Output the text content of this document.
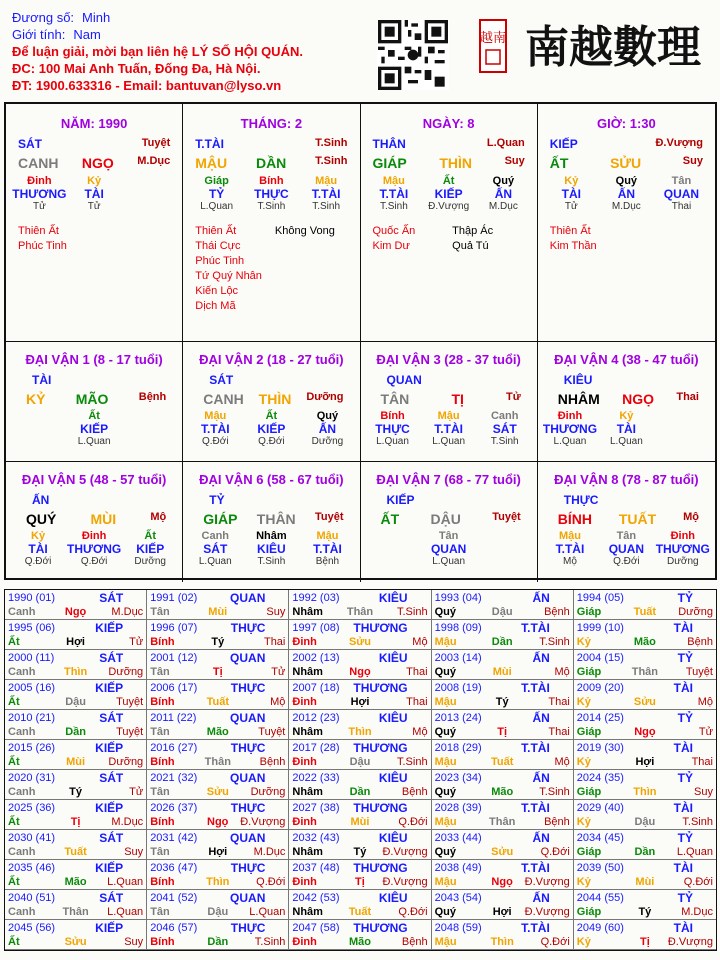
Đương số: Minh
Giới tính: Nam
Để luận giải, mời bạn liên hệ LÝ SỐ HỘI QUÁN.
ĐC: 100 Mai Anh Tuấn, Đống Đa, Hà Nội.
ĐT: 1900.633316 - Email: bantuvan@lyso.vn
越南 南越數理
NĂM: 1990
SÁT	Tuyệt
CANH NGỌ M.Dục
Đinh
THƯƠNG
Tử
Kỷ
TÀI
Tử
Thiên Ất
Phúc Tinh
THÁNG: 2
T.TÀI	T.Sinh
MẬU DẦN	T.Sinh
Giáp
TỶ
L.Quan
Bính
THỰC
T.Sinh
Mậu
T.TÀI
T.Sinh
Thiên Ất
Thái Cực
Phúc Tinh
Tứ Quý Nhân
Kiến Lộc
Dịch Mã
Không Vong
NGÀY: 8
THÂN	L.Quan
GIÁP THÌN	Suy
Mậu
T.TÀI
T.Sinh
Ất
KIẾP
Đ.Vượng
Quý
ẤN
M.Dục
Quốc Ấn
Kim Dư
Thập Ác
Quả Tú
GIỜ: 1:30
KIẾP	Đ.Vượng
ẤT	SỬU	Suy
Kỷ
TÀI
Tử
Quý
ẤN
M.Dục
Tân
QUAN
Thai
Thiên Ất
Kim Thần
ĐẠI VẬN 1 (8 - 17 tuổi)
TÀI
KỶ MÃO	Bệnh
Ất
KIẾP
L.Quan
ĐẠI VẬN 2 (18 - 27 tuổi)
SÁT
CANH THÌN Dưỡng
Mậu
T.TÀI
Q.Đới
Ất
KIẾP
Q.Đới
Quý
ẤN
Dưỡng
ĐẠI VẬN 3 (28 - 37 tuổi)
QUAN
TÂN	TỊ	Tử
Bính
THỰC
L.Quan
Mậu
T.TÀI
L.Quan
Canh
SÁT
T.Sinh
ĐẠI VẬN 4 (38 - 47 tuổi)
KIÊU
NHÂM NGỌ Thai
Đinh
THƯƠNG
L.Quan
Kỷ
TÀI
L.Quan
ĐẠI VẬN 5 (48 - 57 tuổi)
ẤN
QUÝ MÙI	Mộ
Kỷ
TÀI
Q.Đới
Đinh
THƯƠNG
Q.Đới
Ất
KIẾP
Dưỡng
ĐẠI VẬN 6 (58 - 67 tuổi)
TỶ
GIÁP THÂN Tuyệt
Canh
SÁT
L.Quan
Nhâm
KIÊU
T.Sinh
Mậu
T.TÀI
Bệnh
ĐẠI VẬN 7 (68 - 77 tuổi)
KIẾP
ẤT DẬU	Tuyệt
Tân
QUAN
L.Quan
ĐẠI VẬN 8 (78 - 87 tuổi)
THỰC
BÍNH TUẤT Mộ
Mậu
T.TÀI
Mộ
Tân
QUAN
Q.Đới
Đinh
THƯƠNG
Dưỡng
1990 (01)	SÁT
Canh	Ngọ	M.Dục
1991 (02)	QUAN
Tân	Mùi	Suy
1992 (03)	KIÊU
Nhâm	Thân	T.Sinh
1993 (04)	ẤN
Quý	Dậu	Bệnh
1994 (05)	TỶ
Giáp	Tuất	Dưỡng
1995 (06)	KIẾP
Ất	Hợi	Tử
1996 (07)	THỰC
Bính	Tý	Thai
1997 (08) THƯƠNG
Đinh	Sửu	Mộ
1998 (09)	T.TÀI
Mậu	Dần	T.Sinh
1999 (10)	TÀI
Kỷ	Mão	Bệnh
2000 (11)	SÁT
Canh	Thìn	Dưỡng
2001 (12)	QUAN
Tân	Tị	Tử
2002 (13)	KIÊU
Nhâm	Ngọ	Thai
2003 (14)	ẤN
Quý	Mùi	Mộ
2004 (15)	TỶ
Giáp	Thân	Tuyệt
2005 (16)	KIẾP
Ất	Dậu	Tuyệt
2006 (17)	THỰC
Bính	Tuất	Mộ
2007 (18) THƯƠNG
Đinh	Hợi	Thai
2008 (19)	T.TÀI
Mậu	Tý	Thai
2009 (20)	TÀI
Kỷ	Sửu	Mộ
2010 (21)	SÁT
Canh	Dần	Tuyệt
2011 (22)	QUAN
Tân	Mão	Tuyệt
2012 (23)	KIÊU
Nhâm	Thìn	Mộ
2013 (24)	ẤN
Quý	Tị	Thai
2014 (25)	TỶ
Giáp	Ngọ	Tử
2015 (26)	KIẾP
Ất	Mùi	Dưỡng
2016 (27)	THỰC
Bính	Thân	Bệnh
2017 (28) THƯƠNG
Đinh	Dậu	T.Sinh
2018 (29)	T.TÀI
Mậu	Tuất	Mộ
2019 (30)	TÀI
Kỷ	Hợi	Thai
2020 (31)	SÁT
Canh	Tý	Tử
2021 (32)	QUAN
Tân	Sửu	Dưỡng
2022 (33)	KIÊU
Nhâm	Dần	Bệnh
2023 (34)	ẤN
Quý	Mão	T.Sinh
2024 (35)	TỶ
Giáp	Thìn	Suy
2025 (36)	KIẾP
Ất	Tị	M.Dục
2026 (37)	THỰC
Bính	Ngọ	Đ.Vượng
2027 (38) THƯƠNG
Đinh	Mùi	Q.Đới
2028 (39)	T.TÀI
Mậu	Thân	Bệnh
2029 (40)	TÀI
Kỷ	Dậu	T.Sinh
2030 (41)	SÁT
Canh	Tuất	Suy
2031 (42)	QUAN
Tân	Hợi	M.Dục
2032 (43)	KIÊU
Nhâm	Tý	Đ.Vượng
2033 (44)	ẤN
Quý	Sửu	Q.Đới
2034 (45)	TỶ
Giáp	Dần	L.Quan
2035 (46)	KIẾP
Ất	Mão	L.Quan
2036 (47)	THỰC
Bính	Thìn	Q.Đới
2037 (48) THƯƠNG
Đinh	Tị	Đ.Vượng
2038 (49)	T.TÀI
Mậu	Ngọ	Đ.Vượng
2039 (50)	TÀI
Kỷ	Mùi	Q.Đới
2040 (51)	SÁT
Canh	Thân	L.Quan
2041 (52)	QUAN
Tân	Dậu	L.Quan
2042 (53)	KIÊU
Nhâm	Tuất	Q.Đới
2043 (54)	ẤN
Quý	Hợi	Đ.Vượng
2044 (55)	TỶ
Giáp	Tý	M.Dục
2045 (56)	KIẾP
Ất	Sửu	Suy
2046 (57)	THỰC
Bính	Dần	T.Sinh
2047 (58) THƯƠNG
Đinh	Mão	Bệnh
2048 (59)	T.TÀI
Mậu	Thìn	Q.Đới
2049 (60)	TÀI
Kỷ	Tị	Đ.Vượng
